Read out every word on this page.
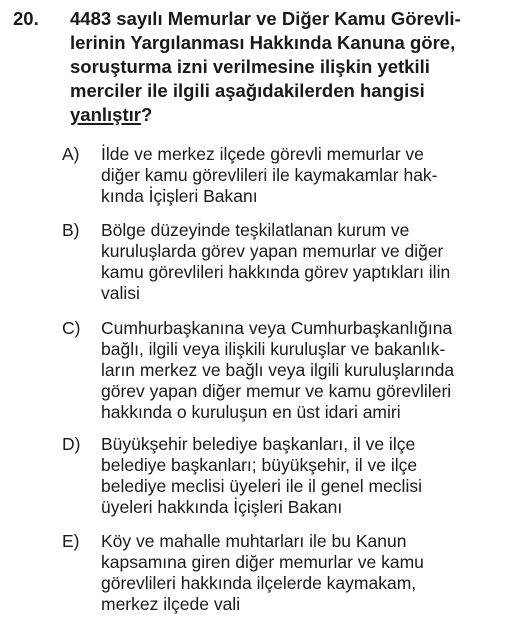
20. 4483 sayılı Memurlar ve Diğer Kamu Görevli-
lerinin Yargılanması Hakkında Kanuna göre,
soruşturma izni verilmesine ilişkin yetkili
merciler ile ilgili aşağıdakilerden hangisi
yanlıştır?
A) İlde ve merkez ilçede görevli memurlar ve
diğer kamu görevlileri ile kaymakamlar hak-
kında İçişleri Bakanı
B) Bölge düzeyinde teşkilatlanan kurum ve
kuruluşlarda görev yapan memurlar ve diğer
kamu görevlileri hakkında görev yaptıkları ilin
valisi
C) Cumhurbaşkanına veya Cumhurbaşkanlığına
bağlı, ilgili veya ilişkili kuruluşlar ve bakanlık-
ların merkez ve bağlı veya ilgili kuruluşlarında
görev yapan diğer memur ve kamu görevlileri
hakkında o kuruluşun en üst idari amiri
D) Büyükşehir belediye başkanları, il ve ilçe
belediye başkanları; büyükşehir, il ve ilçe
belediye meclisi üyeleri ile il genel meclisi
üyeleri hakkında İçişleri Bakanı
E) Köy ve mahalle muhtarları ile bu Kanun
kapsamına giren diğer memurlar ve kamu
görevlileri hakkında ilçelerde kaymakam,
merkez ilçede vali
